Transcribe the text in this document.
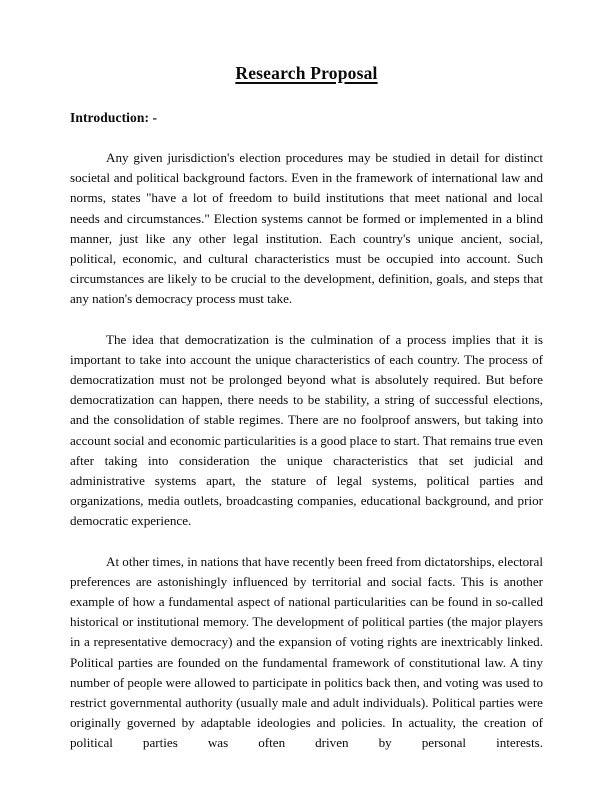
Research Proposal
Introduction: -

Any given jurisdiction's election procedures may be studied in detail for distinct societal and political background factors. Even in the framework of international law and norms, states "have a lot of freedom to build institutions that meet national and local needs and circumstances." Election systems cannot be formed or implemented in a blind manner, just like any other legal institution. Each country's unique ancient, social, political, economic, and cultural characteristics must be occupied into account. Such circumstances are likely to be crucial to the development, definition, goals, and steps that any nation's democracy process must take.

The idea that democratization is the culmination of a process implies that it is important to take into account the unique characteristics of each country. The process of democratization must not be prolonged beyond what is absolutely required. But before democratization can happen, there needs to be stability, a string of successful elections, and the consolidation of stable regimes. There are no foolproof answers, but taking into account social and economic particularities is a good place to start. That remains true even after taking into consideration the unique characteristics that set judicial and administrative systems apart, the stature of legal systems, political parties and organizations, media outlets, broadcasting companies, educational background, and prior democratic experience.

At other times, in nations that have recently been freed from dictatorships, electoral preferences are astonishingly influenced by territorial and social facts. This is another example of how a fundamental aspect of national particularities can be found in so-called historical or institutional memory. The development of political parties (the major players in a representative democracy) and the expansion of voting rights are inextricably linked. Political parties are founded on the fundamental framework of constitutional law. A tiny number of people were allowed to participate in politics back then, and voting was used to restrict governmental authority (usually male and adult individuals). Political parties were originally governed by adaptable ideologies and policies. In actuality, the creation of political parties was often driven by personal interests.
